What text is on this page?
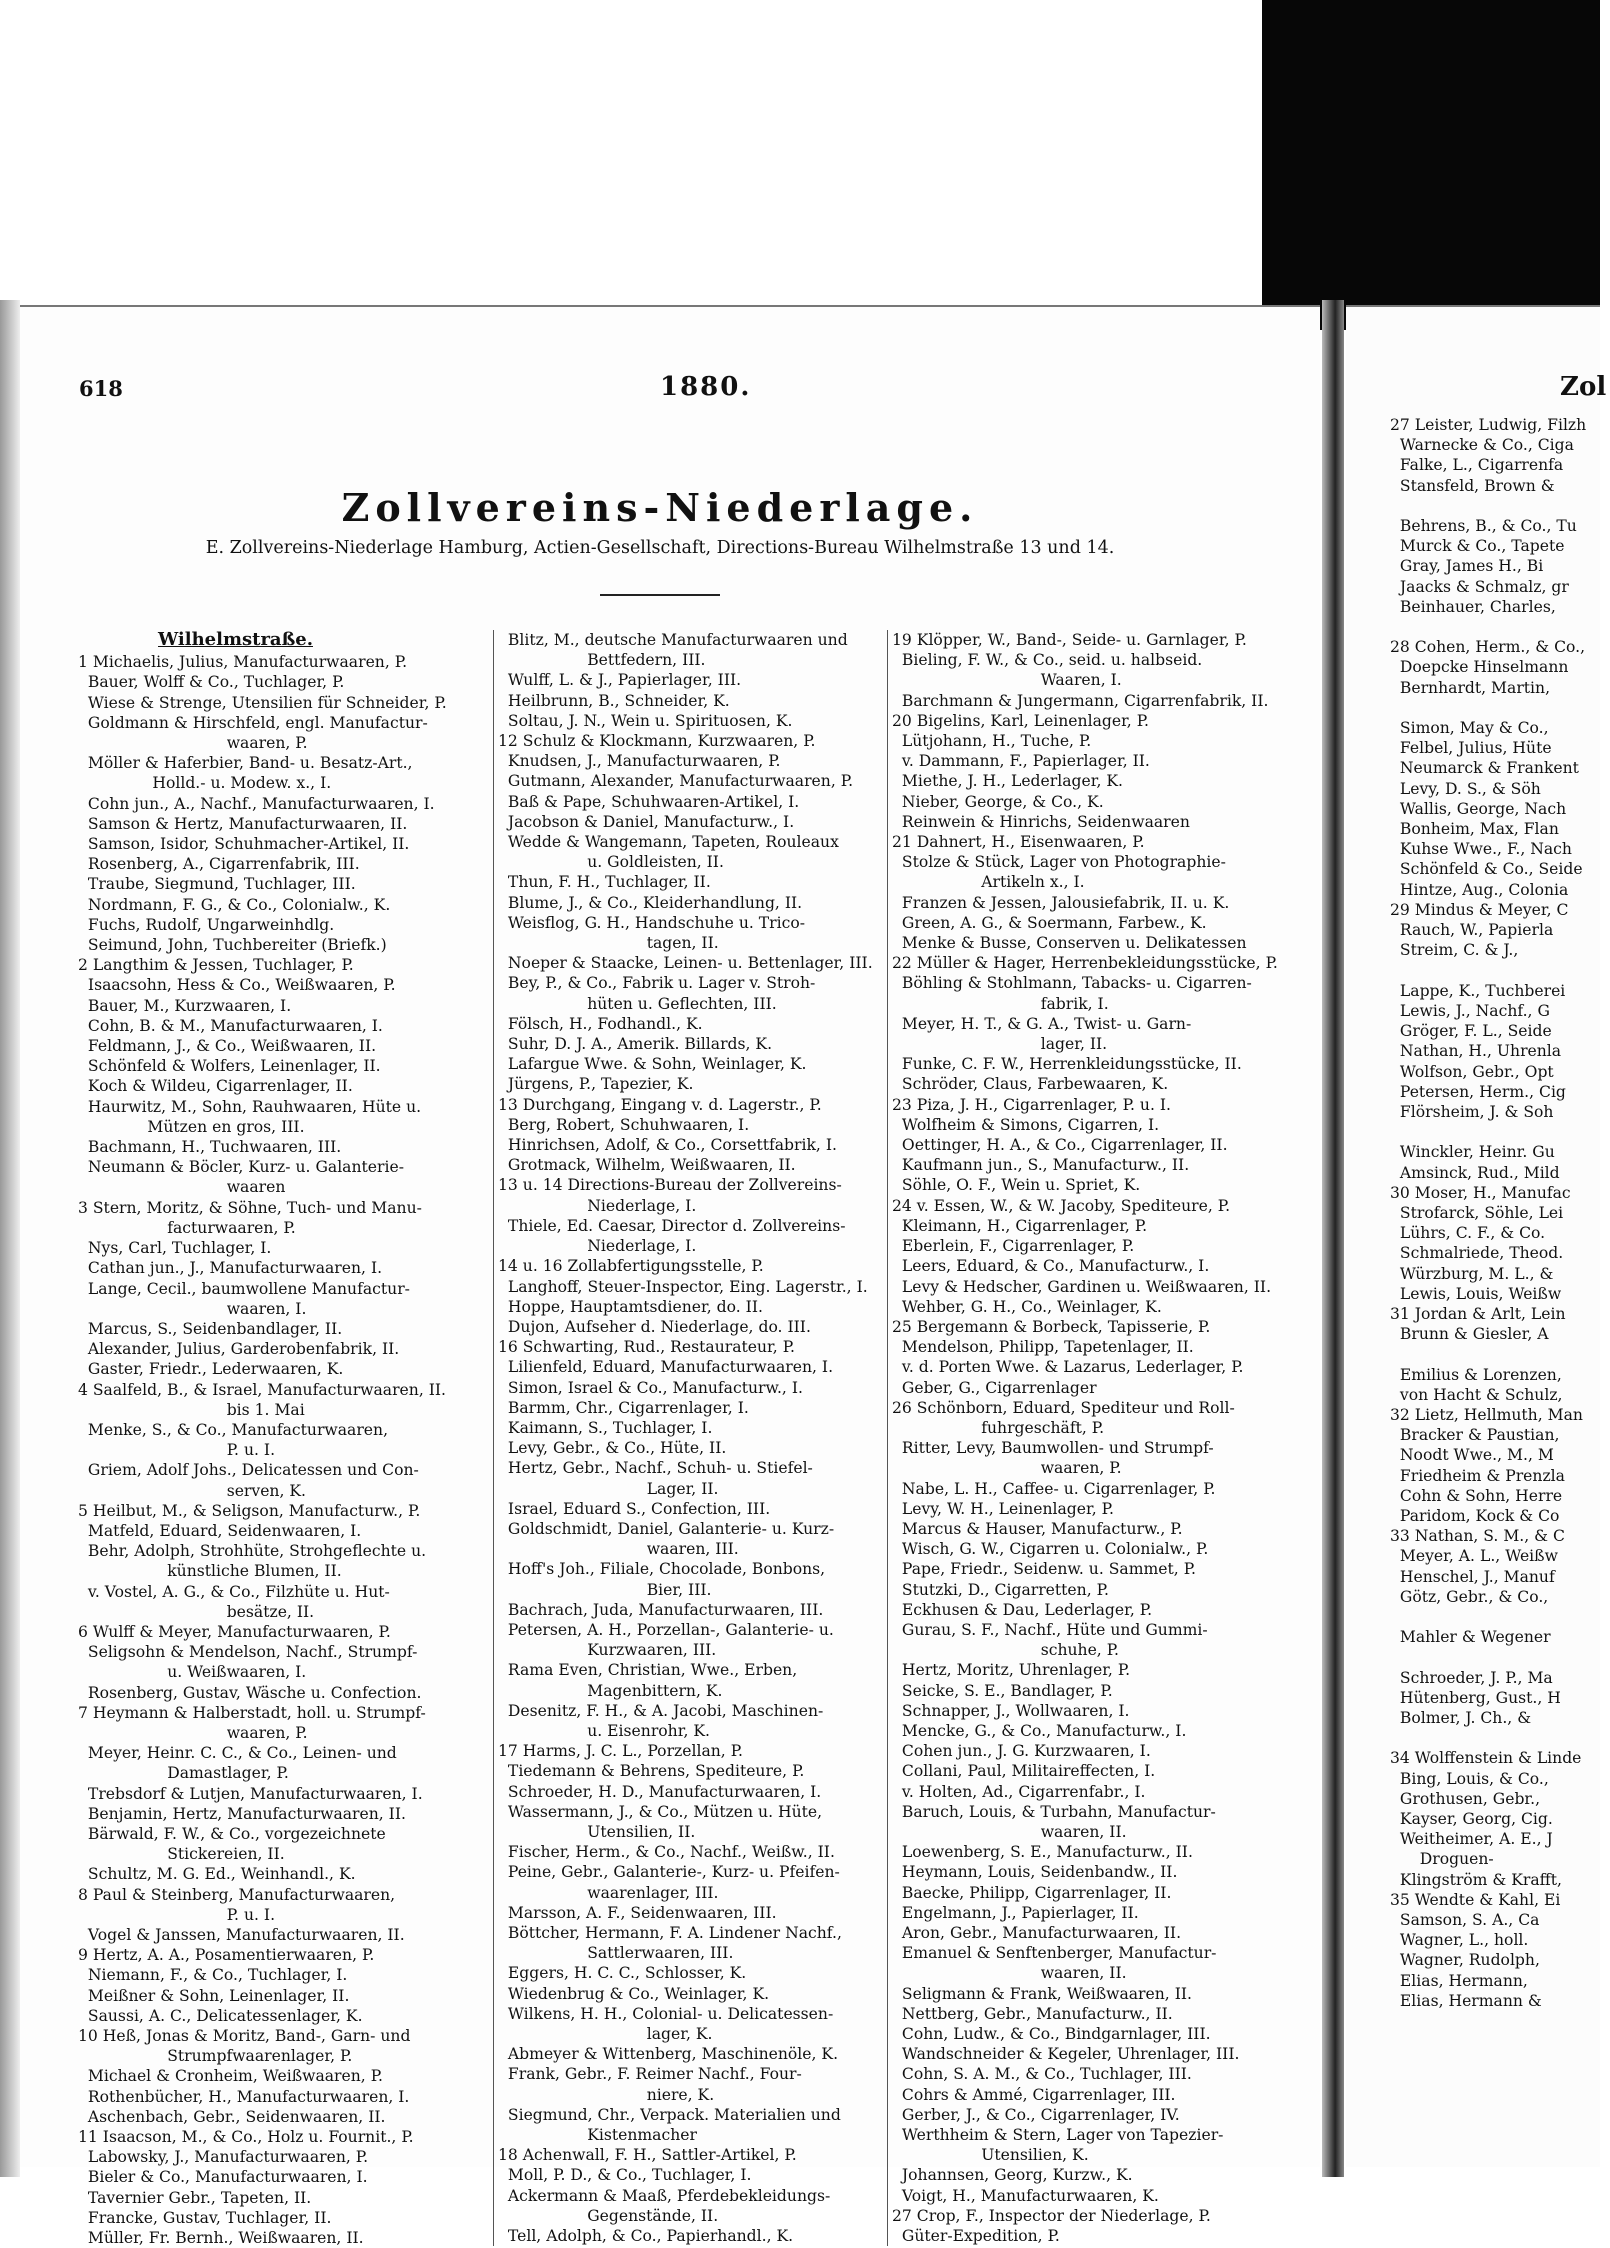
618	1880.	Zol
Zollvereins-Niederlage.
E. Zollvereins-Niederlage Hamburg, Actien-Gesellschaft, Directions-Bureau Wilhelmstraße 13 und 14.
Wilhelmstraße.
1 Michaelis, Julius, Manufacturwaaren, P.
Bauer, Wolff & Co., Tuchlager, P.
Wiese & Strenge, Utensilien für Schneider, P.
Goldmann & Hirschfeld, engl. Manufactur-
waaren, P.
Möller & Haferbier, Band- u. Besatz-Art.,
Holld.- u. Modew. x., I.
Cohn jun., A., Nachf., Manufacturwaaren, I.
Samson & Hertz, Manufacturwaaren, II.
Samson, Isidor, Schuhmacher-Artikel, II.
Rosenberg, A., Cigarrenfabrik, III.
Traube, Siegmund, Tuchlager, III.
Nordmann, F. G., & Co., Colonialw., K.
Fuchs, Rudolf, Ungarweinhdlg.
Seimund, John, Tuchbereiter (Briefk.)
2 Langthim & Jessen, Tuchlager, P.
Isaacsohn, Hess & Co., Weißwaaren, P.
Bauer, M., Kurzwaaren, I.
Cohn, B. & M., Manufacturwaaren, I.
Feldmann, J., & Co., Weißwaaren, II.
Schönfeld & Wolfers, Leinenlager, II.
Koch & Wildeu, Cigarrenlager, II.
Haurwitz, M., Sohn, Rauhwaaren, Hüte u.
Mützen en gros, III.
Bachmann, H., Tuchwaaren, III.
Neumann & Böcler, Kurz- u. Galanterie-
waaren
3 Stern, Moritz, & Söhne, Tuch- und Manu-
facturwaaren, P.
Nys, Carl, Tuchlager, I.
Cathan jun., J., Manufacturwaaren, I.
Lange, Cecil., baumwollene Manufactur-
waaren, I.
Marcus, S., Seidenbandlager, II.
Alexander, Julius, Garderobenfabrik, II.
Gaster, Friedr., Lederwaaren, K.
4 Saalfeld, B., & Israel, Manufacturwaaren, II.
bis 1. Mai
Menke, S., & Co., Manufacturwaaren,
P. u. I.
Griem, Adolf Johs., Delicatessen und Con-
serven, K.
5 Heilbut, M., & Seligson, Manufacturw., P.
Matfeld, Eduard, Seidenwaaren, I.
Behr, Adolph, Strohhüte, Strohgeflechte u.
künstliche Blumen, II.
v. Vostel, A. G., & Co., Filzhüte u. Hut-
besätze, II.
6 Wulff & Meyer, Manufacturwaaren, P.
Seligsohn & Mendelson, Nachf., Strumpf-
u. Weißwaaren, I.
Rosenberg, Gustav, Wäsche u. Confection.
7 Heymann & Halberstadt, holl. u. Strumpf-
waaren, P.
Meyer, Heinr. C. C., & Co., Leinen- und
Damastlager, P.
Trebsdorf & Lutjen, Manufacturwaaren, I.
Benjamin, Hertz, Manufacturwaaren, II.
Bärwald, F. W., & Co., vorgezeichnete
Stickereien, II.
Schultz, M. G. Ed., Weinhandl., K.
8 Paul & Steinberg, Manufacturwaaren,
P. u. I.
Vogel & Janssen, Manufacturwaaren, II.
9 Hertz, A. A., Posamentierwaaren, P.
Niemann, F., & Co., Tuchlager, I.
Meißner & Sohn, Leinenlager, II.
Saussi, A. C., Delicatessenlager, K.
10 Heß, Jonas & Moritz, Band-, Garn- und
Strumpfwaarenlager, P.
Michael & Cronheim, Weißwaaren, P.
Rothenbücher, H., Manufacturwaaren, I.
Aschenbach, Gebr., Seidenwaaren, II.
11 Isaacson, M., & Co., Holz u. Fournit., P.
Labowsky, J., Manufacturwaaren, P.
Bieler & Co., Manufacturwaaren, I.
Tavernier Gebr., Tapeten, II.
Francke, Gustav, Tuchlager, II.
Müller, Fr. Bernh., Weißwaaren, II.
Blitz, M., deutsche Manufacturwaaren und
Bettfedern, III.
Wulff, L. & J., Papierlager, III.
Heilbrunn, B., Schneider, K.
Soltau, J. N., Wein u. Spirituosen, K.
12 Schulz & Klockmann, Kurzwaaren, P.
Knudsen, J., Manufacturwaaren, P.
Gutmann, Alexander, Manufacturwaaren, P.
Baß & Pape, Schuhwaaren-Artikel, I.
Jacobson & Daniel, Manufacturw., I.
Wedde & Wangemann, Tapeten, Rouleaux
u. Goldleisten, II.
Thun, F. H., Tuchlager, II.
Blume, J., & Co., Kleiderhandlung, II.
Weisflog, G. H., Handschuhe u. Trico-
tagen, II.
Noeper & Staacke, Leinen- u. Bettenlager, III.
Bey, P., & Co., Fabrik u. Lager v. Stroh-
hüten u. Geflechten, III.
Fölsch, H., Fodhandl., K.
Suhr, D. J. A., Amerik. Billards, K.
Lafargue Wwe. & Sohn, Weinlager, K.
Jürgens, P., Tapezier, K.
13 Durchgang, Eingang v. d. Lagerstr., P.
Berg, Robert, Schuhwaaren, I.
Hinrichsen, Adolf, & Co., Corsettfabrik, I.
Grotmack, Wilhelm, Weißwaaren, II.
13 u. 14 Directions-Bureau der Zollvereins-
Niederlage, I.
Thiele, Ed. Caesar, Director d. Zollvereins-
Niederlage, I.
14 u. 16 Zollabfertigungsstelle, P.
Langhoff, Steuer-Inspector, Eing. Lagerstr., I.
Hoppe, Hauptamtsdiener, do. II.
Dujon, Aufseher d. Niederlage, do. III.
16 Schwarting, Rud., Restaurateur, P.
Lilienfeld, Eduard, Manufacturwaaren, I.
Simon, Israel & Co., Manufacturw., I.
Barmm, Chr., Cigarrenlager, I.
Kaimann, S., Tuchlager, I.
Levy, Gebr., & Co., Hüte, II.
Hertz, Gebr., Nachf., Schuh- u. Stiefel-
Lager, II.
Israel, Eduard S., Confection, III.
Goldschmidt, Daniel, Galanterie- u. Kurz-
waaren, III.
Hoff's Joh., Filiale, Chocolade, Bonbons,
Bier, III.
Bachrach, Juda, Manufacturwaaren, III.
Petersen, A. H., Porzellan-, Galanterie- u.
Kurzwaaren, III.
Rama Even, Christian, Wwe., Erben,
Magenbittern, K.
Desenitz, F. H., & A. Jacobi, Maschinen-
u. Eisenrohr, K.
17 Harms, J. C. L., Porzellan, P.
Tiedemann & Behrens, Spediteure, P.
Schroeder, H. D., Manufacturwaaren, I.
Wassermann, J., & Co., Mützen u. Hüte,
Utensilien, II.
Fischer, Herm., & Co., Nachf., Weißw., II.
Peine, Gebr., Galanterie-, Kurz- u. Pfeifen-
waarenlager, III.
Marsson, A. F., Seidenwaaren, III.
Böttcher, Hermann, F. A. Lindener Nachf.,
Sattlerwaaren, III.
Eggers, H. C. C., Schlosser, K.
Wiedenbrug & Co., Weinlager, K.
Wilkens, H. H., Colonial- u. Delicatessen-
lager, K.
Abmeyer & Wittenberg, Maschinenöle, K.
Frank, Gebr., F. Reimer Nachf., Four-
niere, K.
Siegmund, Chr., Verpack. Materialien und
Kistenmacher
18 Achenwall, F. H., Sattler-Artikel, P.
Moll, P. D., & Co., Tuchlager, I.
Ackermann & Maaß, Pferdebekleidungs-
Gegenstände, II.
Tell, Adolph, & Co., Papierhandl., K.
19 Klöpper, W., Band-, Seide- u. Garnlager, P.
Bieling, F. W., & Co., seid. u. halbseid.
Waaren, I.
Barchmann & Jungermann, Cigarrenfabrik, II.
20 Bigelins, Karl, Leinenlager, P.
Lütjohann, H., Tuche, P.
v. Dammann, F., Papierlager, II.
Miethe, J. H., Lederlager, K.
Nieber, George, & Co., K.
Reinwein & Hinrichs, Seidenwaaren
21 Dahnert, H., Eisenwaaren, P.
Stolze & Stück, Lager von Photographie-
Artikeln x., I.
Franzen & Jessen, Jalousiefabrik, II. u. K.
Green, A. G., & Soermann, Farbew., K.
Menke & Busse, Conserven u. Delikatessen
22 Müller & Hager, Herrenbekleidungsstücke, P.
Böhling & Stohlmann, Tabacks- u. Cigarren-
fabrik, I.
Meyer, H. T., & G. A., Twist- u. Garn-
lager, II.
Funke, C. F. W., Herrenkleidungsstücke, II.
Schröder, Claus, Farbewaaren, K.
23 Piza, J. H., Cigarrenlager, P. u. I.
Wolfheim & Simons, Cigarren, I.
Oettinger, H. A., & Co., Cigarrenlager, II.
Kaufmann jun., S., Manufacturw., II.
Söhle, O. F., Wein u. Spriet, K.
24 v. Essen, W., & W. Jacoby, Spediteure, P.
Kleimann, H., Cigarrenlager, P.
Eberlein, F., Cigarrenlager, P.
Leers, Eduard, & Co., Manufacturw., I.
Levy & Hedscher, Gardinen u. Weißwaaren, II.
Wehber, G. H., Co., Weinlager, K.
25 Bergemann & Borbeck, Tapisserie, P.
Mendelson, Philipp, Tapetenlager, II.
v. d. Porten Wwe. & Lazarus, Lederlager, P.
Geber, G., Cigarrenlager
26 Schönborn, Eduard, Spediteur und Roll-
fuhrgeschäft, P.
Ritter, Levy, Baumwollen- und Strumpf-
waaren, P.
Nabe, L. H., Caffee- u. Cigarrenlager, P.
Levy, W. H., Leinenlager, P.
Marcus & Hauser, Manufacturw., P.
Wisch, G. W., Cigarren u. Colonialw., P.
Pape, Friedr., Seidenw. u. Sammet, P.
Stutzki, D., Cigarretten, P.
Eckhusen & Dau, Lederlager, P.
Gurau, S. F., Nachf., Hüte und Gummi-
schuhe, P.
Hertz, Moritz, Uhrenlager, P.
Seicke, S. E., Bandlager, P.
Schnapper, J., Wollwaaren, I.
Mencke, G., & Co., Manufacturw., I.
Cohen jun., J. G. Kurzwaaren, I.
Collani, Paul, Militaireffecten, I.
v. Holten, Ad., Cigarrenfabr., I.
Baruch, Louis, & Turbahn, Manufactur-
waaren, II.
Loewenberg, S. E., Manufacturw., II.
Heymann, Louis, Seidenbandw., II.
Baecke, Philipp, Cigarrenlager, II.
Engelmann, J., Papierlager, II.
Aron, Gebr., Manufacturwaaren, II.
Emanuel & Senftenberger, Manufactur-
waaren, II.
Seligmann & Frank, Weißwaaren, II.
Nettberg, Gebr., Manufacturw., II.
Cohn, Ludw., & Co., Bindgarnlager, III.
Wandschneider & Kegeler, Uhrenlager, III.
Cohn, S. A. M., & Co., Tuchlager, III.
Cohrs & Ammé, Cigarrenlager, III.
Gerber, J., & Co., Cigarrenlager, IV.
Werthheim & Stern, Lager von Tapezier-
Utensilien, K.
Johannsen, Georg, Kurzw., K.
Voigt, H., Manufacturwaaren, K.
27 Crop, F., Inspector der Niederlage, P.
Güter-Expedition, P.
27 Leister, Ludwig, Filzh
Warnecke & Co., Ciga
Falke, L., Cigarrenfa
Stansfeld, Brown &

Behrens, B., & Co., Tu
Murck & Co., Tapete
Gray, James H., Bi
Jaacks & Schmalz, gr
Beinhauer, Charles,

28 Cohen, Herm., & Co.,
Doepcke Hinselmann
Bernhardt, Martin,

Simon, May & Co.,
Felbel, Julius, Hüte
Neumarck & Frankent
Levy, D. S., & Söh
Wallis, George, Nach
Bonheim, Max, Flan
Kuhse Wwe., F., Nach
Schönfeld & Co., Seide
Hintze, Aug., Colonia
29 Mindus & Meyer, C
Rauch, W., Papierla
Streim, C. & J.,

Lappe, K., Tuchberei
Lewis, J., Nachf., G
Gröger, F. L., Seide
Nathan, H., Uhrenla
Wolfson, Gebr., Opt
Petersen, Herm., Cig
Flörsheim, J. & Soh

Winckler, Heinr. Gu
Amsinck, Rud., Mild
30 Moser, H., Manufac
Strofarck, Söhle, Lei
Lührs, C. F., & Co.
Schmalriede, Theod.
Würzburg, M. L., &
Lewis, Louis, Weißw
31 Jordan & Arlt, Lein
Brunn & Giesler, A

Emilius & Lorenzen,
von Hacht & Schulz,
32 Lietz, Hellmuth, Man
Bracker & Paustian,
Noodt Wwe., M., M
Friedheim & Prenzla
Cohn & Sohn, Herre
Paridom, Kock & Co
33 Nathan, S. M., & C
Meyer, A. L., Weißw
Henschel, J., Manuf
Götz, Gebr., & Co.,

Mahler & Wegener

Schroeder, J. P., Ma
Hütenberg, Gust., H
Bolmer, J. Ch., &

34 Wolffenstein & Linde
Bing, Louis, & Co.,
Grothusen, Gebr.,
Kayser, Georg, Cig.
Weitheimer, A. E., J
Droguen-
Klingström & Krafft,
35 Wendte & Kahl, Ei
Samson, S. A., Ca
Wagner, L., holl.
Wagner, Rudolph,
Elias, Hermann,
Elias, Hermann &
